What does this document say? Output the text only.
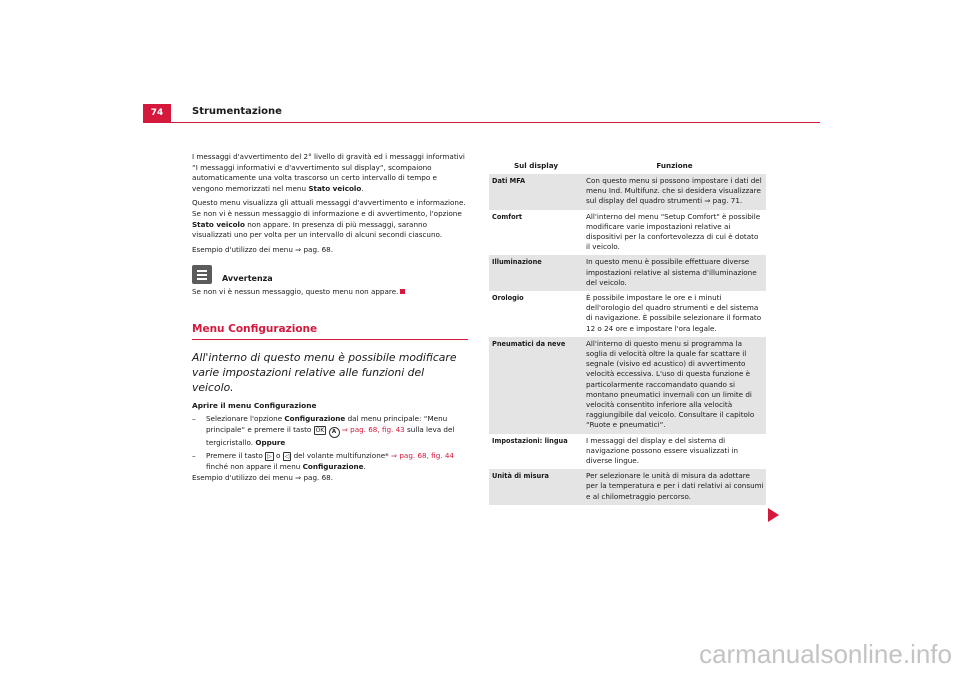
74	Strumentazione

I messaggi d'avvertimento del 2° livello di gravità ed i messaggi informativi “I messaggi informativi e d'avvertimento sul display“, scompaiono automaticamente una volta trascorso un certo intervallo di tempo e vengono memorizzati nel menu Stato veicolo.

Questo menu visualizza gli attuali messaggi d'avvertimento e informazione. Se non vi è nessun messaggio di informazione e di avvertimento, l'opzione Stato veicolo non appare. In presenza di più messaggi, saranno visualizzati uno per volta per un intervallo di alcuni secondi ciascuno.

Esempio d'utilizzo dei menu ⇒ pag. 68.

Avvertenza
Se non vi è nessun messaggio, questo menu non appare.
Menu Configurazione
All'interno di questo menu è possibile modificare varie impostazioni relative alle funzioni del veicolo.
Aprire il menu Configurazione
–	Selezionare l'opzione Configurazione dal menu principale: “Menu principale“ e premere il tasto OK A ⇒ pag. 68, fig. 43 sulla leva del tergicristallo. Oppure
–	Premere il tasto ▷ o ◁ del volante multifunzione* ⇒ pag. 68, fig. 44 finché non appare il menu Configurazione.

Esempio d'utilizzo dei menu ⇒ pag. 68.

Sul display	Funzione
Dati MFA	Con questo menu si possono impostare i dati del menu Ind. Multifunz. che si desidera visualizzare sul display del quadro strumenti ⇒ pag. 71.
Comfort	All'interno del menu "Setup Comfort" è possibile modificare varie impostazioni relative ai dispositivi per la confortevolezza di cui è dotato il veicolo.
Illuminazione	In questo menu è possibile effettuare diverse impostazioni relative al sistema d'illuminazione del veicolo.
Orologio	È possibile impostare le ore e i minuti dell'orologio del quadro strumenti e del sistema di navigazione. È possibile selezionare il formato 12 o 24 ore e impostare l'ora legale.
Pneumatici da neve	All'interno di questo menu si programma la soglia di velocità oltre la quale far scattare il segnale (visivo ed acustico) di avvertimento velocità eccessiva. L'uso di questa funzione è particolarmente raccomandato quando si montano pneumatici invernali con un limite di velocità consentito inferiore alla velocità raggiungibile dal veicolo. Consultare il capitolo “Ruote e pneumatici“.
Impostazioni: lingua	I messaggi del display e del sistema di navigazione possono essere visualizzati in diverse lingue.
Unità di misura	Per selezionare le unità di misura da adottare per la temperatura e per i dati relativi ai consumi e al chilometraggio percorso.
carmanualsonline.info
